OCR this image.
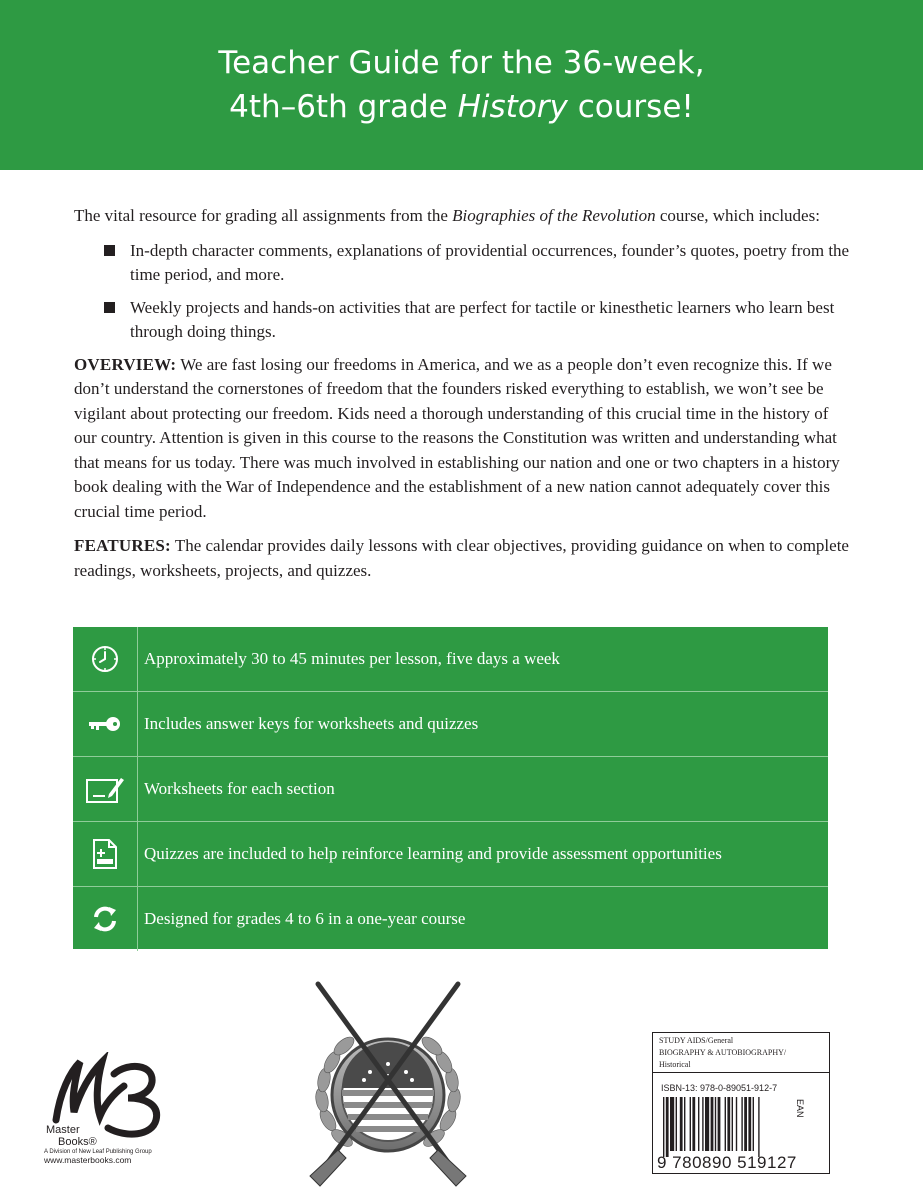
Teacher Guide for the 36-week,
4th–6th grade History course!

The vital resource for grading all assignments from the Biographies of the Revolution course, which includes:

In-depth character comments, explanations of providential occurrences, founder’s quotes, poetry from the time period, and more.
Weekly projects and hands-on activities that are perfect for tactile or kinesthetic learners who learn best through doing things.

OVERVIEW: We are fast losing our freedoms in America, and we as a people don’t even recognize this. If we don’t understand the cornerstones of freedom that the founders risked everything to establish, we won’t see be vigilant about protecting our freedom. Kids need a thorough understanding of this crucial time in the history of our country. Attention is given in this course to the reasons the Constitution was written and understanding what that means for us today. There was much involved in establishing our nation and one or two chapters in a history book dealing with the War of Independence and the establishment of a new nation cannot adequately cover this crucial time period.

FEATURES: The calendar provides daily lessons with clear objectives, providing guidance on when to complete readings, worksheets, projects, and quizzes.

Approximately 30 to 45 minutes per lesson, five days a week
Includes answer keys for worksheets and quizzes
Worksheets for each section
Quizzes are included to help reinforce learning and provide assessment opportunities
Designed for grades 4 to 6 in a one-year course
Master
Books®
A Division of New Leaf Publishing Group
www.masterbooks.com
STUDY AIDS/General
BIOGRAPHY & AUTOBIOGRAPHY/
Historical
ISBN-13: 978-0-89051-912-7
EAN
9 780890 519127
